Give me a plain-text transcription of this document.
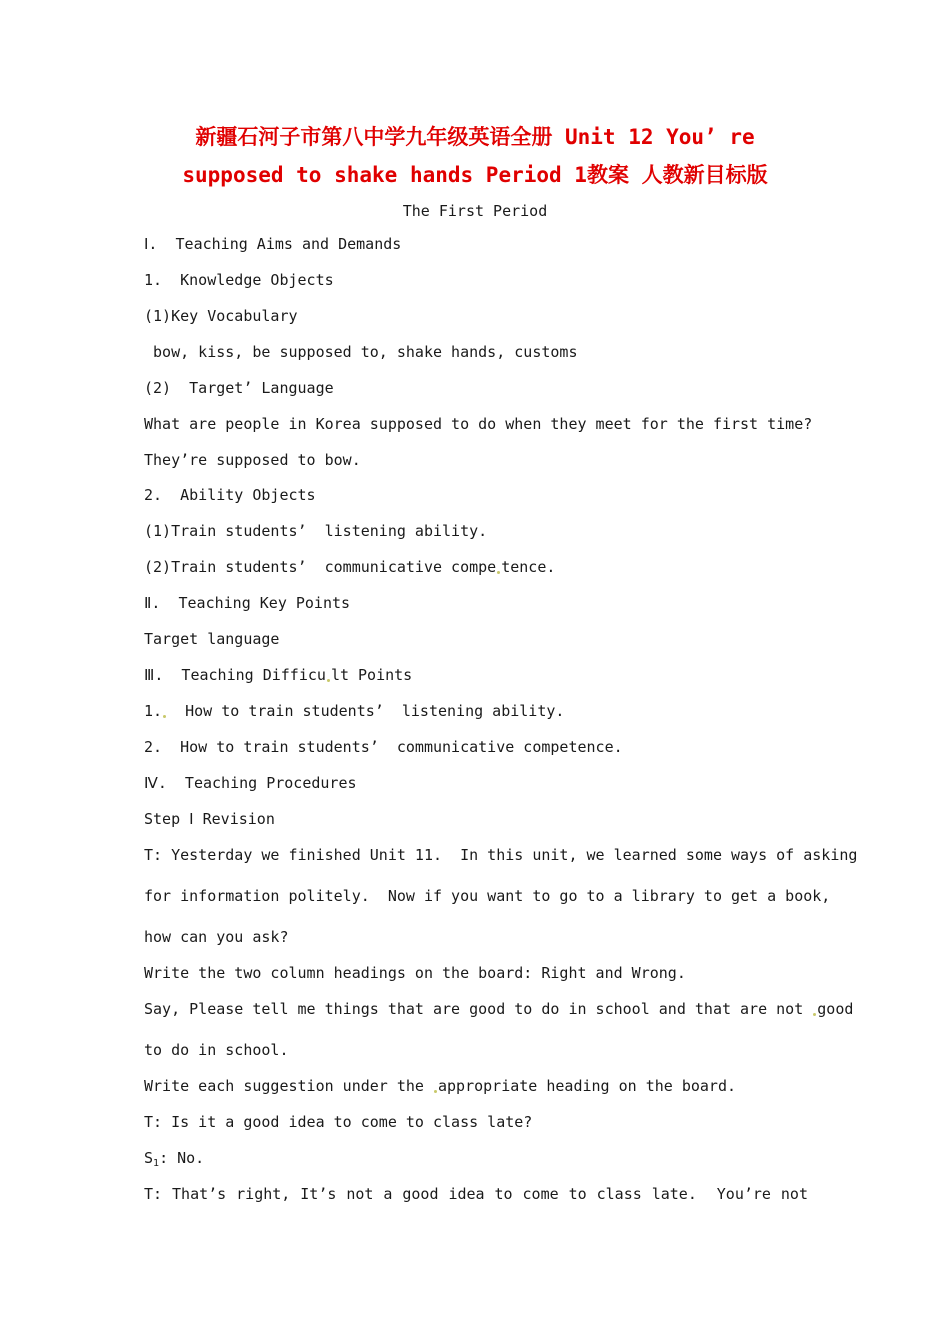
新疆石河子市第八中学九年级英语全册 Unit 12 You’ re
supposed to shake hands Period 1教案 人教新目标版
The First Period
Ⅰ.  Teaching Aims and Demands
1.  Knowledge Objects
(1)Key Vocabulary
bow, kiss, be supposed to, shake hands, customs
(2)  Target’ Language
What are people in Korea supposed to do when they meet for the first time?
They’re supposed to bow.
2.  Ability Objects
(1)Train students’  listening ability.
(2)Train students’  communicative compe tence.
Ⅱ.  Teaching Key Points
Target language
Ⅲ.  Teaching Difficu lt Points
1.  How to train students’  listening ability.
2.  How to train students’  communicative competence.
Ⅳ.  Teaching Procedures
Step Ⅰ Revision
T: Yesterday we finished Unit 11.  In this unit, we learned some ways of asking
for information politely.  Now if you want to go to a library to get a book,
how can you ask?
Write the two column headings on the board: Right and Wrong.
Say, Please tell me things that are good to do in school and that are not good
to do in school.
Write each suggestion under the appropriate heading on the board.
T: Is it a good idea to come to class late?
$S_1$: No.
T: That’s right, It’s not a good idea to come to class late.  You’re not
